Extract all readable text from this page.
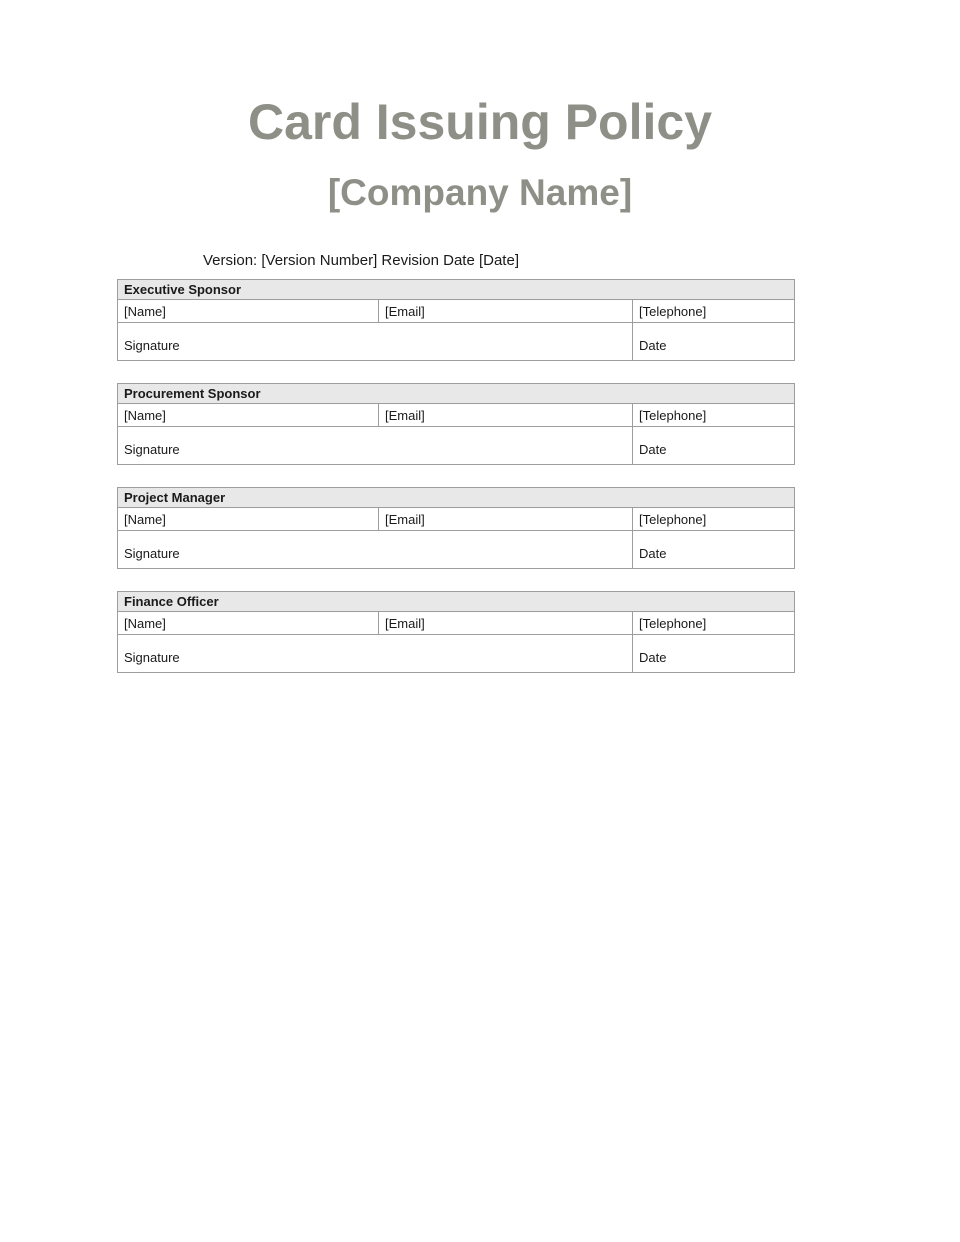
Card Issuing Policy
[Company Name]

Version: [Version Number] Revision Date [Date]

Executive Sponsor		
[Name]	[Email]	[Telephone]
Signature		Date
Procurement Sponsor		
[Name]	[Email]	[Telephone]
Signature		Date
Project Manager		
[Name]	[Email]	[Telephone]
Signature		Date
Finance Officer		
[Name]	[Email]	[Telephone]
Signature		Date
